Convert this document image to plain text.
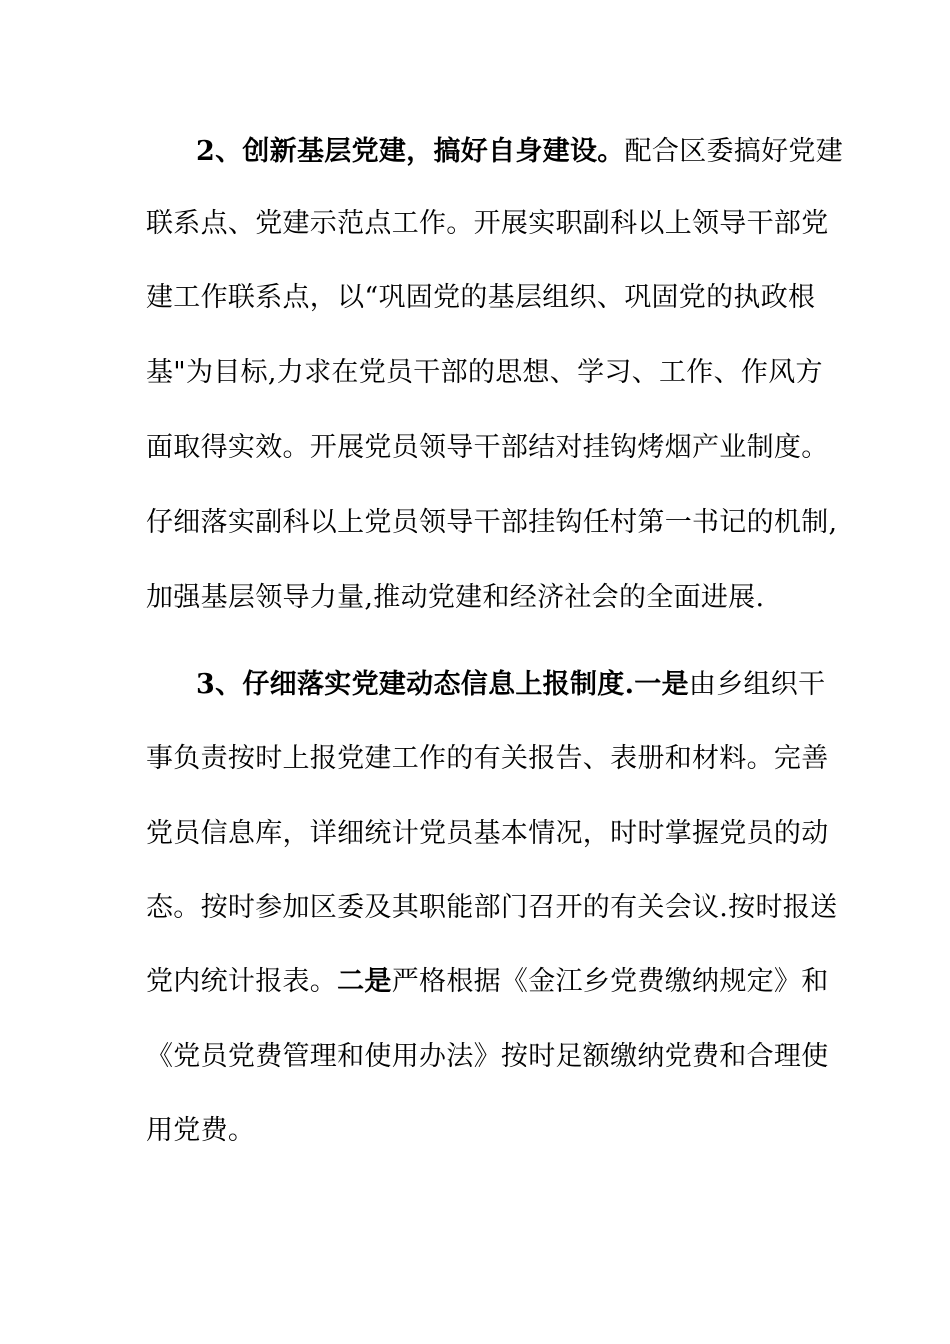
2、创新基层党建，搞好自身建设。配合区委搞好党建
联系点、党建示范点工作。开展实职副科以上领导干部党
建工作联系点，以“巩固党的基层组织、巩固党的执政根
基"为目标,力求在党员干部的思想、学习、工作、作风方
面取得实效。开展党员领导干部结对挂钩烤烟产业制度。
仔细落实副科以上党员领导干部挂钩任村第一书记的机制,
加强基层领导力量,推动党建和经济社会的全面进展.
3、仔细落实党建动态信息上报制度.一是由乡组织干
事负责按时上报党建工作的有关报告、表册和材料。完善
党员信息库，详细统计党员基本情况，时时掌握党员的动
态。按时参加区委及其职能部门召开的有关会议.按时报送
党内统计报表。二是严格根据《金江乡党费缴纳规定》和
《党员党费管理和使用办法》按时足额缴纳党费和合理使
用党费。
